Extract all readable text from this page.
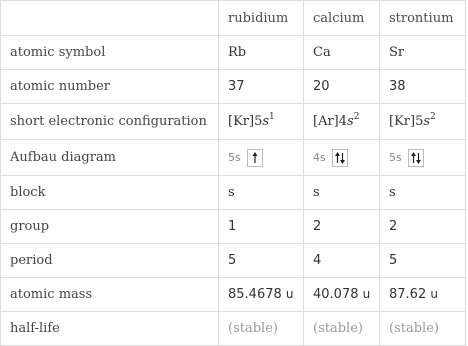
	rubidium	calcium	strontium
atomic symbol	Rb	Ca	Sr
atomic number	37	20	38
short electronic configuration	$[Kr]5s^1$	$[Ar]4s^2$	$[Kr]5s^2$
Aufbau diagram	5s	4s	5s

block	s	s	s
group	1	2	2
period	5	4	5
atomic mass	85.4678 u	40.078 u	87.62 u
half-life	(stable)	(stable)	(stable)
